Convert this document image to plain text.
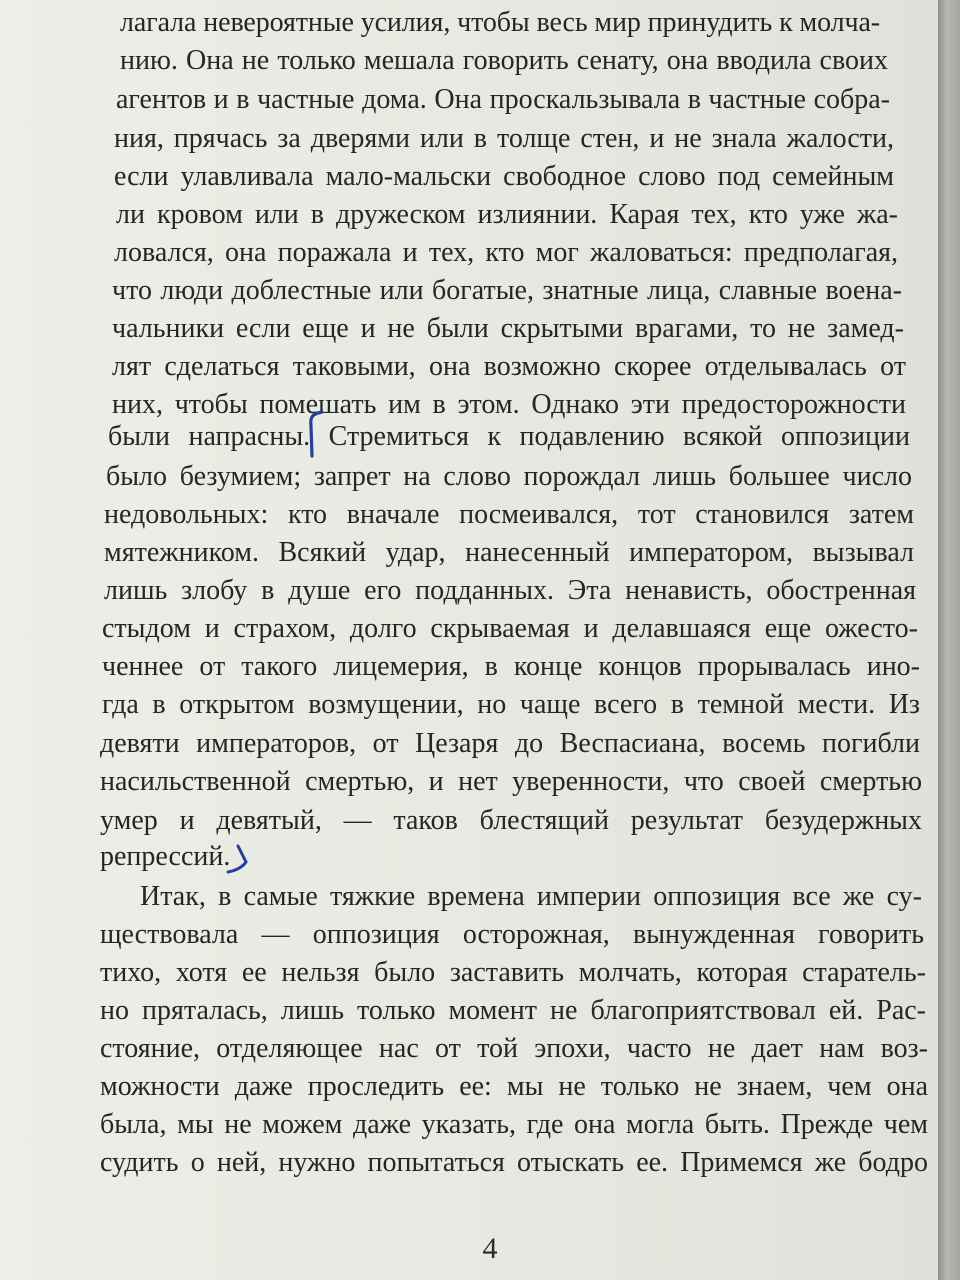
лагала невероятные усилия, чтобы весь мир принудить к молча-
нию. Она не только мешала говорить сенату, она вводила своих
агентов и в частные дома. Она проскальзывала в частные собра-
ния, прячась за дверями или в толще стен, и не знала жалости,
если улавливала мало-мальски свободное слово под семейным
ли кровом или в дружеском излиянии. Карая тех, кто уже жа-
ловался, она поражала и тех, кто мог жаловаться: предполагая,
что люди доблестные или богатые, знатные лица, славные воена-
чальники если еще и не были скрытыми врагами, то не замед-
лят сделаться таковыми, она возможно скорее отделывалась от
них, чтобы помешать им в этом. Однако эти предосторожности
были напрасны. Стремиться к подавлению всякой оппозиции
было безумием; запрет на слово порождал лишь большее число
недовольных: кто вначале посмеивался, тот становился затем
мятежником. Всякий удар, нанесенный императором, вызывал
лишь злобу в душе его подданных. Эта ненависть, обостренная
стыдом и страхом, долго скрываемая и делавшаяся еще ожесто-
ченнее от такого лицемерия, в конце концов прорывалась ино-
гда в открытом возмущении, но чаще всего в темной мести. Из
девяти императоров, от Цезаря до Веспасиана, восемь погибли
насильственной смертью, и нет уверенности, что своей смертью
умер и девятый, — таков блестящий результат безудержных
репрессий.
Итак, в самые тяжкие времена империи оппозиция все же су-
ществовала — оппозиция осторожная, вынужденная говорить
тихо, хотя ее нельзя было заставить молчать, которая старатель-
но пряталась, лишь только момент не благоприятствовал ей. Рас-
стояние, отделяющее нас от той эпохи, часто не дает нам воз-
можности даже проследить ее: мы не только не знаем, чем она
была, мы не можем даже указать, где она могла быть. Прежде чем
судить о ней, нужно попытаться отыскать ее. Примемся же бодро
4
